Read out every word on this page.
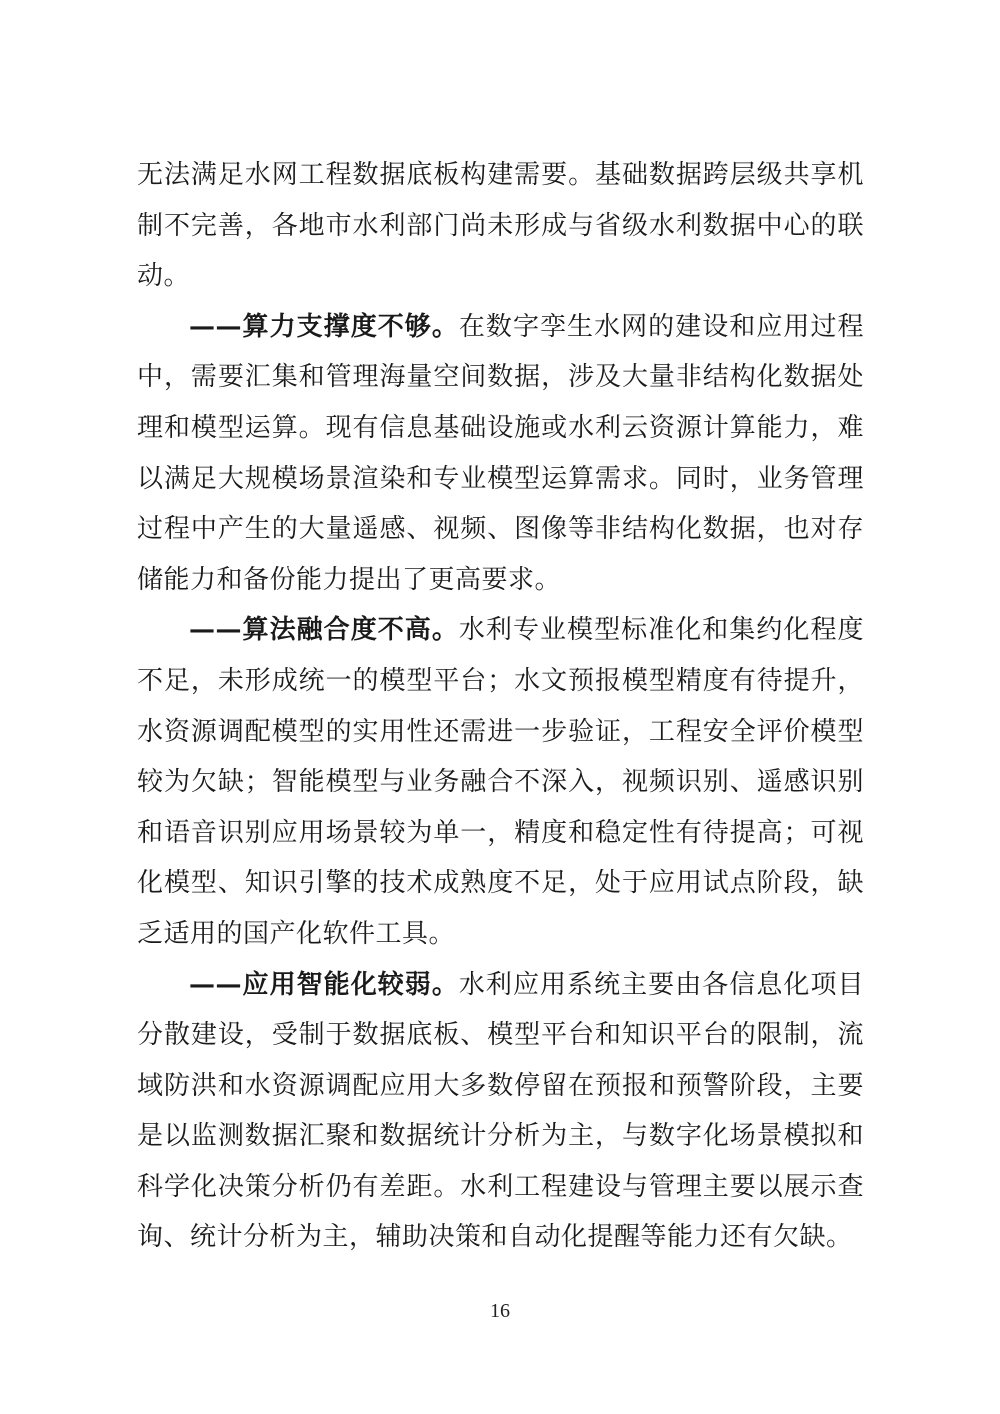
无法满足水网工程数据底板构建需要。基础数据跨层级共享机制不完善，各地市水利部门尚未形成与省级水利数据中心的联动。

——算力支撑度不够。在数字孪生水网的建设和应用过程中，需要汇集和管理海量空间数据，涉及大量非结构化数据处理和模型运算。现有信息基础设施或水利云资源计算能力，难以满足大规模场景渲染和专业模型运算需求。同时，业务管理过程中产生的大量遥感、视频、图像等非结构化数据，也对存储能力和备份能力提出了更高要求。

——算法融合度不高。水利专业模型标准化和集约化程度不足，未形成统一的模型平台；水文预报模型精度有待提升，水资源调配模型的实用性还需进一步验证，工程安全评价模型较为欠缺；智能模型与业务融合不深入，视频识别、遥感识别和语音识别应用场景较为单一，精度和稳定性有待提高；可视化模型、知识引擎的技术成熟度不足，处于应用试点阶段，缺乏适用的国产化软件工具。

——应用智能化较弱。水利应用系统主要由各信息化项目分散建设，受制于数据底板、模型平台和知识平台的限制，流域防洪和水资源调配应用大多数停留在预报和预警阶段，主要是以监测数据汇聚和数据统计分析为主，与数字化场景模拟和科学化决策分析仍有差距。水利工程建设与管理主要以展示查询、统计分析为主，辅助决策和自动化提醒等能力还有欠缺。

16
